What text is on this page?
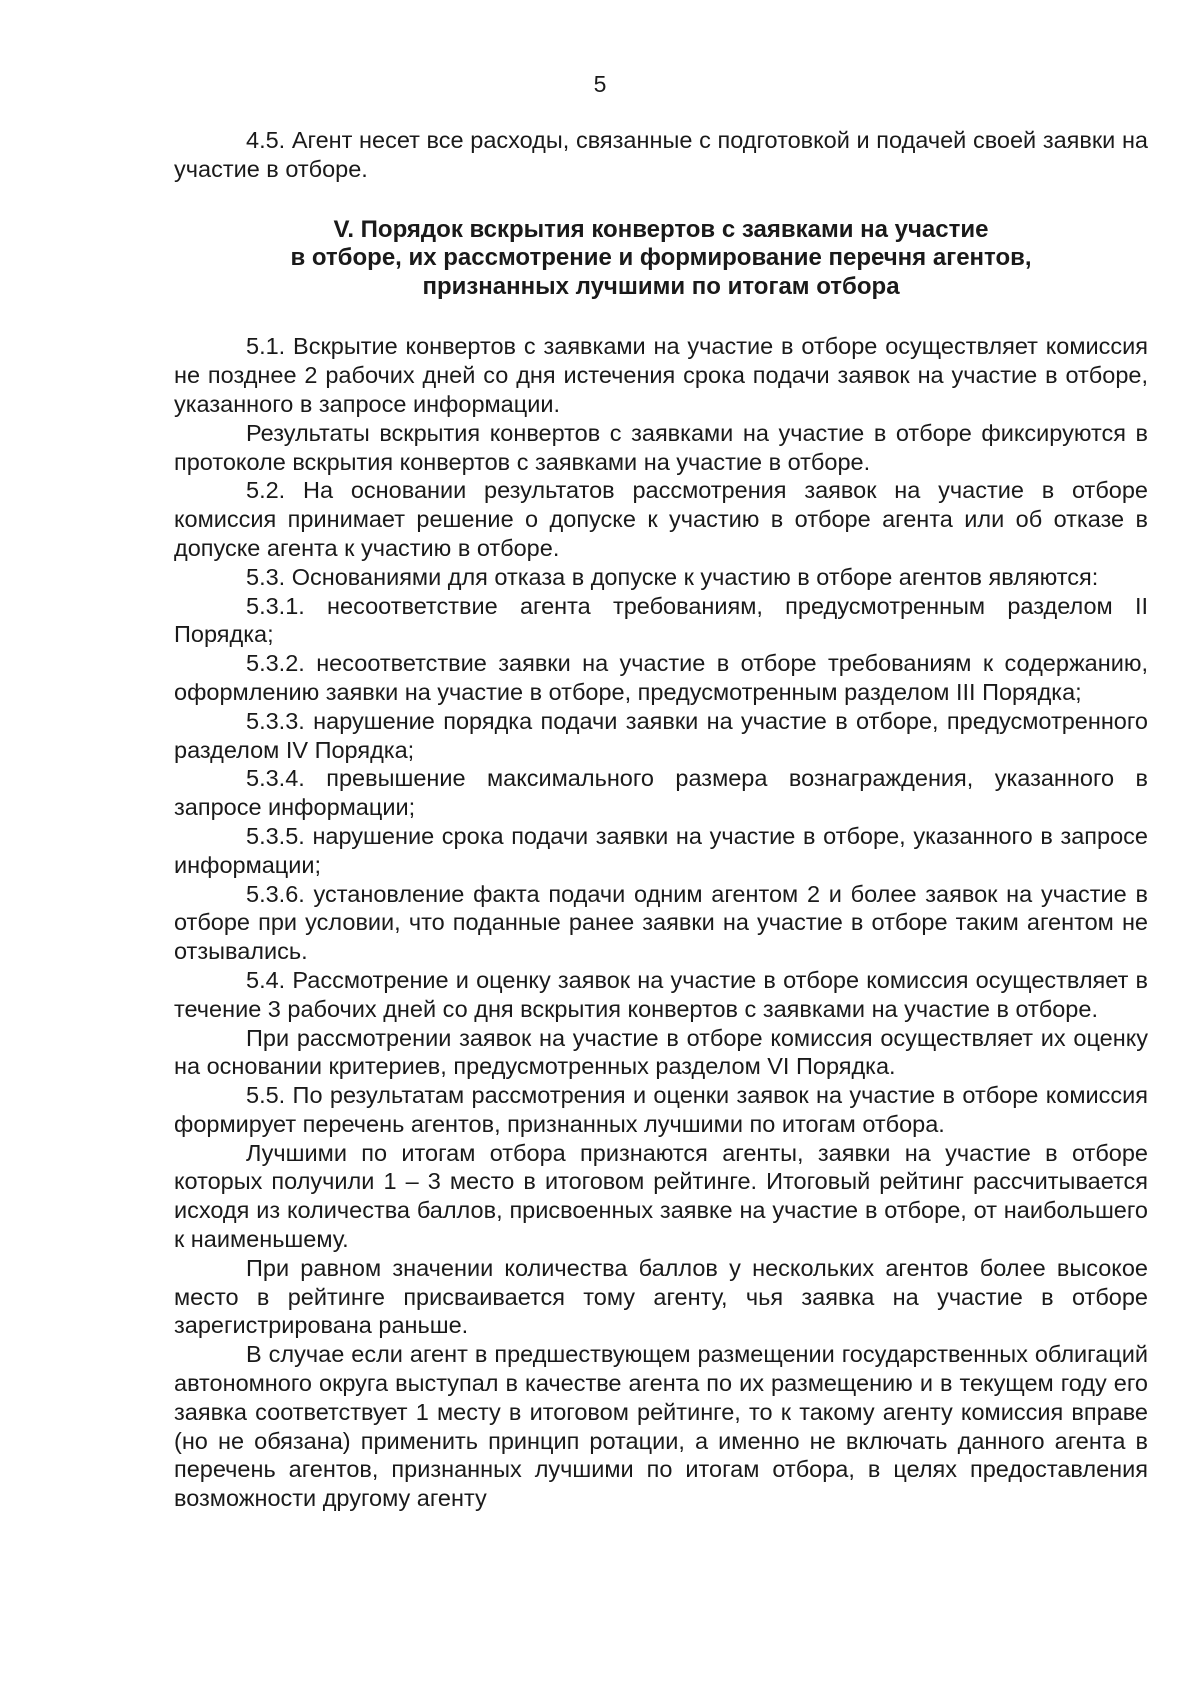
5

4.5. Агент несет все расходы, связанные с подготовкой и подачей своей заявки на участие в отборе.

V. Порядок вскрытия конвертов с заявками на участие
в отборе, их рассмотрение и формирование перечня агентов,
признанных лучшими по итогам отбора

5.1. Вскрытие конвертов с заявками на участие в отборе осуществляет комиссия не позднее 2 рабочих дней со дня истечения срока подачи заявок на участие в отборе, указанного в запросе информации.

Результаты вскрытия конвертов с заявками на участие в отборе фиксируются в протоколе вскрытия конвертов с заявками на участие в отборе.

5.2. На основании результатов рассмотрения заявок на участие в отборе комиссия принимает решение о допуске к участию в отборе агента или об отказе в допуске агента к участию в отборе.

5.3. Основаниями для отказа в допуске к участию в отборе агентов являются:

5.3.1. несоответствие агента требованиям, предусмотренным разделом II Порядка;

5.3.2. несоответствие заявки на участие в отборе требованиям к содержанию, оформлению заявки на участие в отборе, предусмотренным разделом III Порядка;

5.3.3. нарушение порядка подачи заявки на участие в отборе, предусмотренного разделом IV Порядка;

5.3.4. превышение максимального размера вознаграждения, указанного в запросе информации;

5.3.5. нарушение срока подачи заявки на участие в отборе, указанного в запросе информации;

5.3.6. установление факта подачи одним агентом 2 и более заявок на участие в отборе при условии, что поданные ранее заявки на участие в отборе таким агентом не отзывались.

5.4. Рассмотрение и оценку заявок на участие в отборе комиссия осуществляет в течение 3 рабочих дней со дня вскрытия конвертов с заявками на участие в отборе.

При рассмотрении заявок на участие в отборе комиссия осуществляет их оценку на основании критериев, предусмотренных разделом VI Порядка.

5.5. По результатам рассмотрения и оценки заявок на участие в отборе комиссия формирует перечень агентов, признанных лучшими по итогам отбора.

Лучшими по итогам отбора признаются агенты, заявки на участие в отборе которых получили 1 – 3 место в итоговом рейтинге. Итоговый рейтинг рассчитывается исходя из количества баллов, присвоенных заявке на участие в отборе, от наибольшего к наименьшему.

При равном значении количества баллов у нескольких агентов более высокое место в рейтинге присваивается тому агенту, чья заявка на участие в отборе зарегистрирована раньше.

В случае если агент в предшествующем размещении государственных облигаций автономного округа выступал в качестве агента по их размещению и в текущем году его заявка соответствует 1 месту в итоговом рейтинге, то к такому агенту комиссия вправе (но не обязана) применить принцип ротации, а именно не включать данного агента в перечень агентов, признанных лучшими по итогам отбора, в целях предоставления возможности другому агенту
